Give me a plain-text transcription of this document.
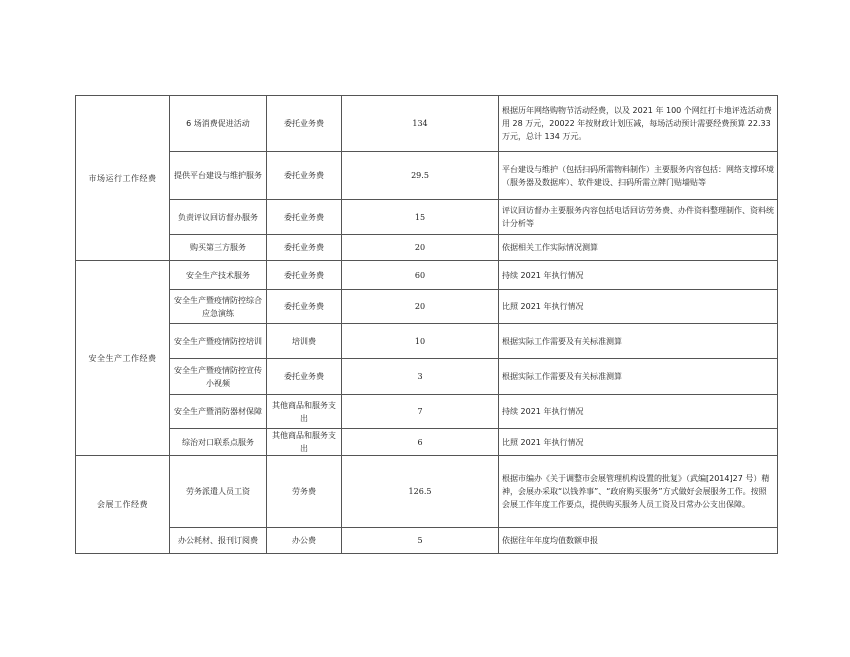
市场运行工作经费	6 场消费促进活动	委托业务费	134	根据历年网络购物节活动经费，以及 2021 年 100 个网红打卡地评选活动费用 28 万元，20022 年按财政计划压减，每场活动预计需要经费预算 22.33 万元，总计 134 万元。
	提供平台建设与维护服务	委托业务费	29.5	平台建设与维护（包括扫码所需物料制作）主要服务内容包括：网络支撑环境（服务器及数据库）、软件建设、扫码所需立牌门贴墙贴等
	负责评议回访督办服务	委托业务费	15	评议回访督办主要服务内容包括电话回访劳务费、办件资料整理制作、资料统计分析等
	购买第三方服务	委托业务费	20	依据相关工作实际情况测算
安全生产工作经费	安全生产技术服务	委托业务费	60	持续 2021 年执行情况
	安全生产暨疫情防控综合应急演练	委托业务费	20	比照 2021 年执行情况
	安全生产暨疫情防控培训	培训费	10	根据实际工作需要及有关标准测算
	安全生产暨疫情防控宣传小视频	委托业务费	3	根据实际工作需要及有关标准测算
	安全生产暨消防器材保障	其他商品和服务支出	7	持续 2021 年执行情况
	综治对口联系点服务	其他商品和服务支出	6	比照 2021 年执行情况
会展工作经费	劳务派遣人员工资	劳务费	126.5	根据市编办《关于调整市会展管理机构设置的批复》（武编[2014]27 号）精神，会展办采取“以钱养事”、“政府购买服务”方式做好会展服务工作。按照会展工作年度工作要点，提供购买服务人员工资及日常办公支出保障。
	办公耗材、报刊订阅费	办公费	5	依据往年年度均值数额申报
